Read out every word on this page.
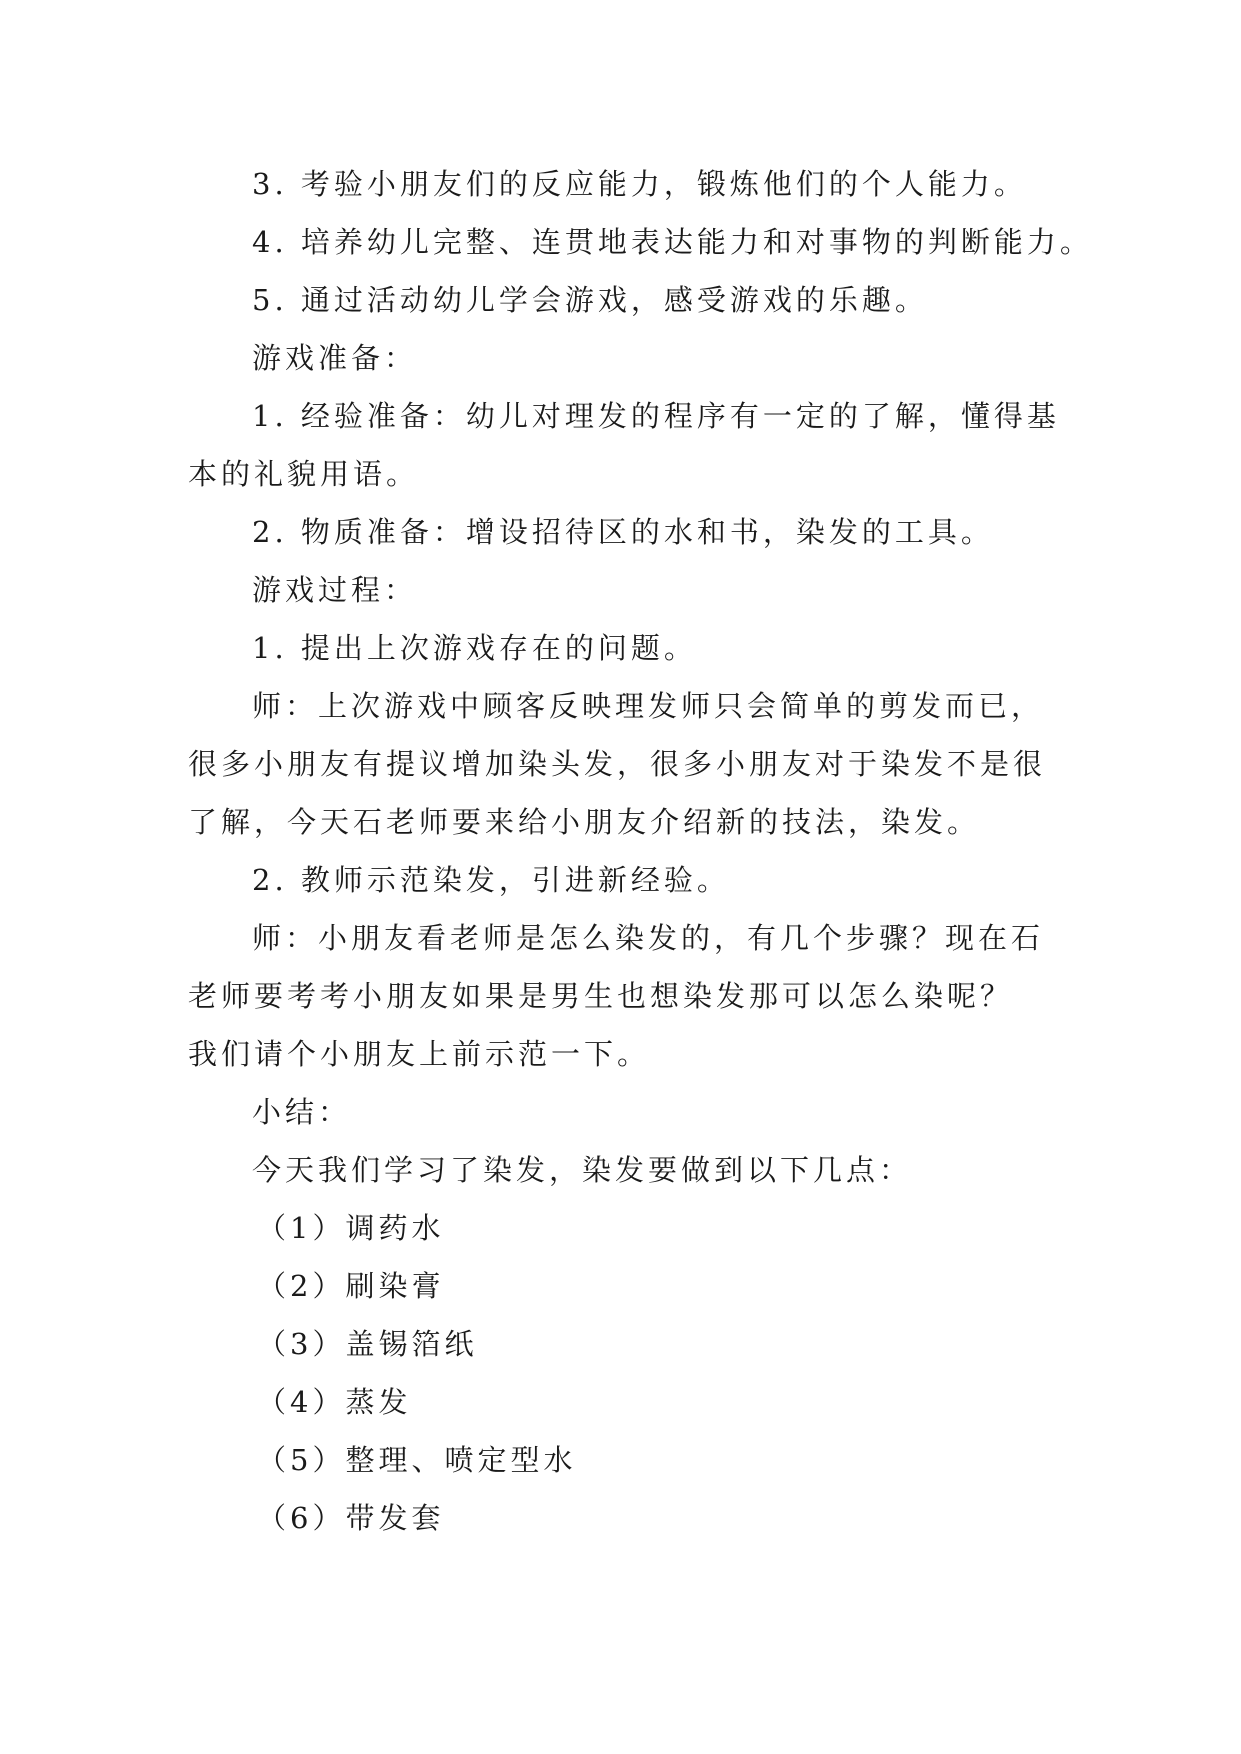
3. 考验小朋友们的反应能力，锻炼他们的个人能力。
4. 培养幼儿完整、连贯地表达能力和对事物的判断能力。
5. 通过活动幼儿学会游戏，感受游戏的乐趣。
游戏准备：
1. 经验准备：幼儿对理发的程序有一定的了解，懂得基
本的礼貌用语。
2. 物质准备：增设招待区的水和书，染发的工具。
游戏过程：
1. 提出上次游戏存在的问题。
师：上次游戏中顾客反映理发师只会简单的剪发而已，
很多小朋友有提议增加染头发，很多小朋友对于染发不是很
了解，今天石老师要来给小朋友介绍新的技法，染发。
2. 教师示范染发，引进新经验。
师：小朋友看老师是怎么染发的，有几个步骤？现在石
老师要考考小朋友如果是男生也想染发那可以怎么染呢？
我们请个小朋友上前示范一下。
小结：
今天我们学习了染发，染发要做到以下几点：
（1）调药水
（2）刷染膏
（3）盖锡箔纸
（4）蒸发
（5）整理、喷定型水
（6）带发套
